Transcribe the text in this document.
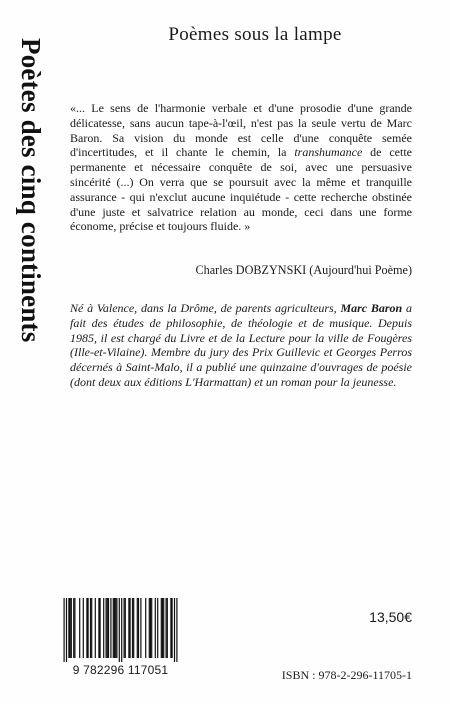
Poètes des cinq continents
Poèmes sous la lampe
«... Le sens de l'harmonie verbale et d'une prosodie d'une grande délicatesse, sans aucun tape-à-l'œil, n'est pas la seule vertu de Marc Baron. Sa vision du monde est celle d'une conquête semée d'incertitudes, et il chante le chemin, la transhumance de cette permanente et nécessaire conquête de soi, avec une persuasive sincérité (...) On verra que se poursuit avec la même et tranquille assurance - qui n'exclut aucune inquiétude - cette recherche obstinée d'une juste et salvatrice relation au monde, ceci dans une forme économe, précise et toujours fluide. »
Charles DOBZYNSKI (Aujourd'hui Poème)
Né à Valence, dans la Drôme, de parents agriculteurs, Marc Baron a fait des études de philosophie, de théologie et de musique. Depuis 1985, il est chargé du Livre et de la Lecture pour la ville de Fougères (Ille-et-Vilaine). Membre du jury des Prix Guillevic et Georges Perros décernés à Saint-Malo, il a publié une quinzaine d'ouvrages de poésie (dont deux aux éditions L'Harmattan) et un roman pour la jeunesse.
9 782296 117051
13,50€
ISBN : 978-2-296-11705-1
